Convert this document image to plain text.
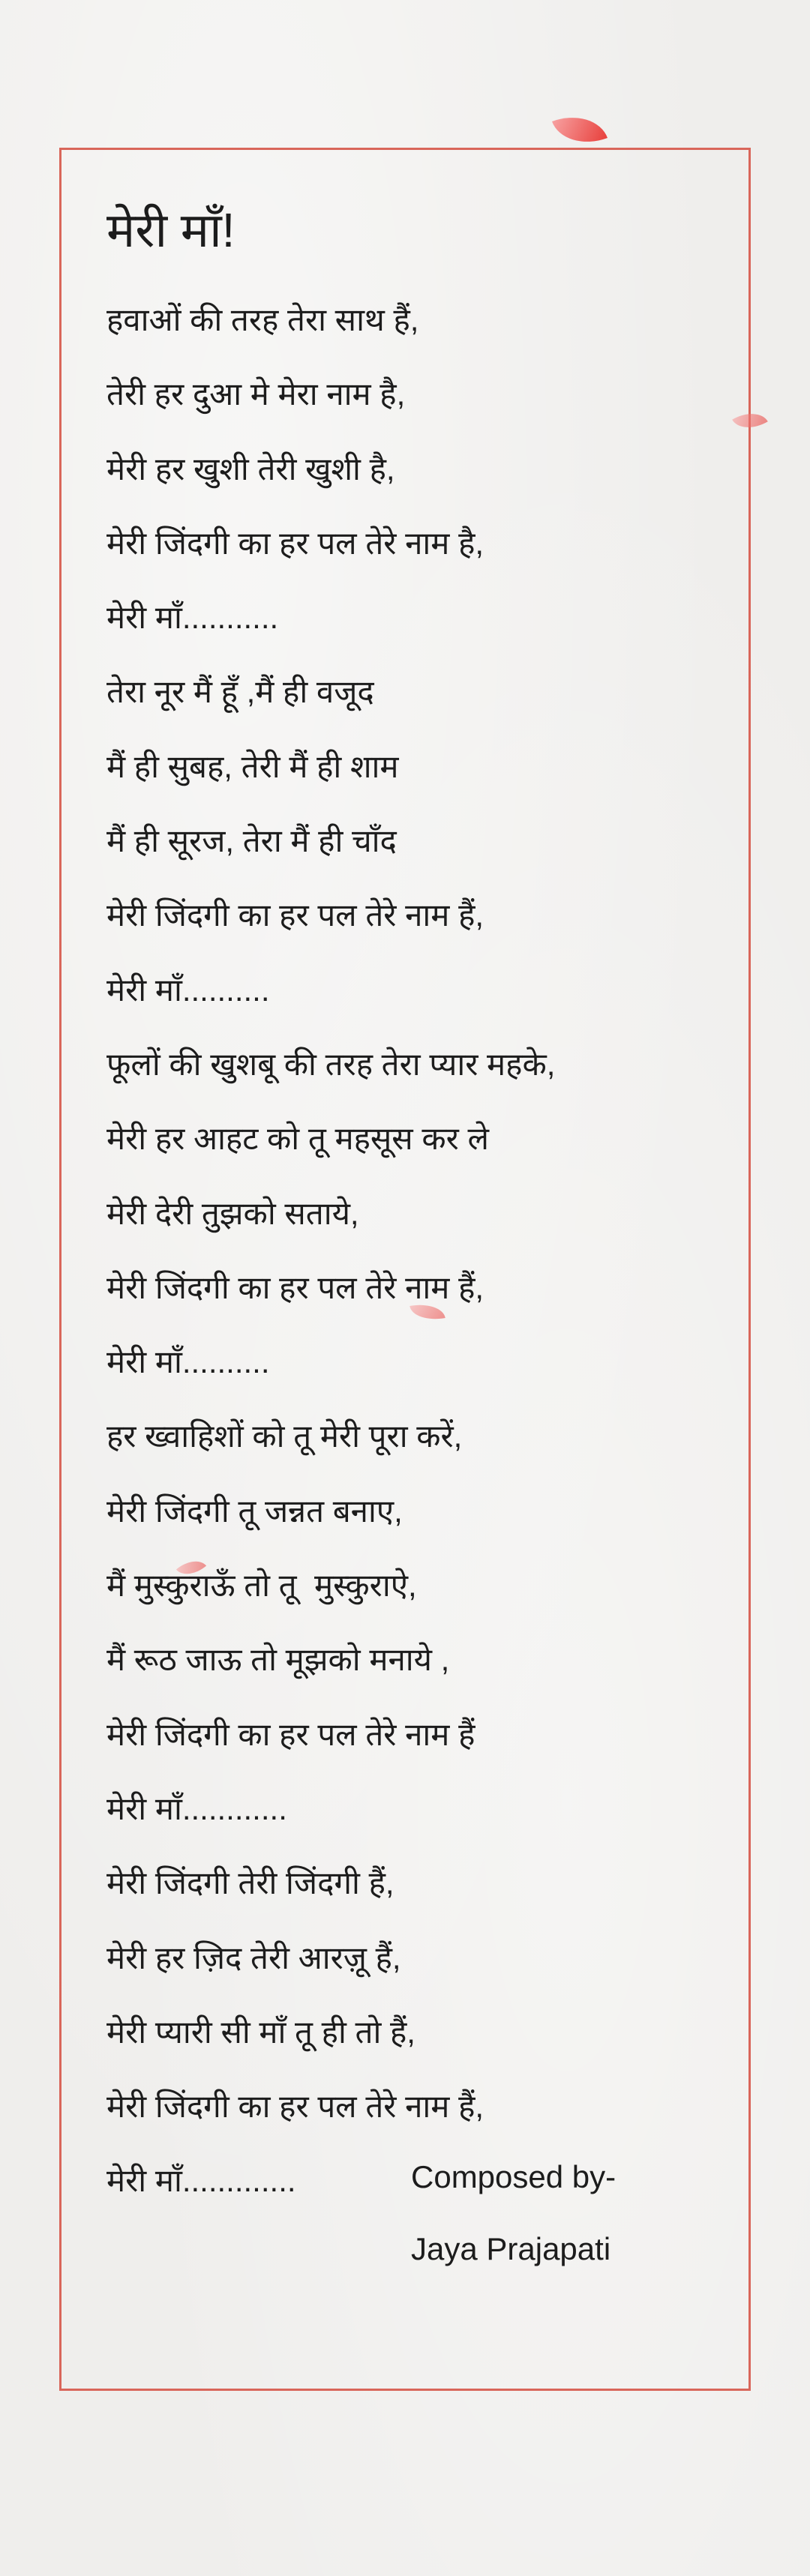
मेरी माँ!
हवाओं की तरह तेरा साथ हैं,
तेरी हर दुआ मे मेरा नाम है,
मेरी हर खुशी तेरी खुशी है,
मेरी जिंदगी का हर पल तेरे नाम है,
मेरी माँ...........
तेरा नूर मैं हूँ ,मैं ही वजूद
मैं ही सुबह, तेरी मैं ही शाम
मैं ही सूरज, तेरा मैं ही चाँद
मेरी जिंदगी का हर पल तेरे नाम हैं,
मेरी माँ..........
फूलों की खुशबू की तरह तेरा प्यार महके,
मेरी हर आहट को तू महसूस कर ले
मेरी देरी तुझको सताये,
मेरी जिंदगी का हर पल तेरे नाम हैं,
मेरी माँ..........
हर ख्वाहिशों को तू मेरी पूरा करें,
मेरी जिंदगी तू जन्नत बनाए,
मैं मुस्कुराऊँ तो तू  मुस्कुराऐ,
मैं रूठ जाऊ तो मूझको मनाये ,
मेरी जिंदगी का हर पल तेरे नाम हैं
मेरी माँ............
मेरी जिंदगी तेरी जिंदगी हैं,
मेरी हर ज़िद तेरी आरज़ू हैं,
मेरी प्यारी सी माँ तू ही तो हैं,
मेरी जिंदगी का हर पल तेरे नाम हैं,
मेरी माँ.............	Composed by-
Jaya Prajapati
